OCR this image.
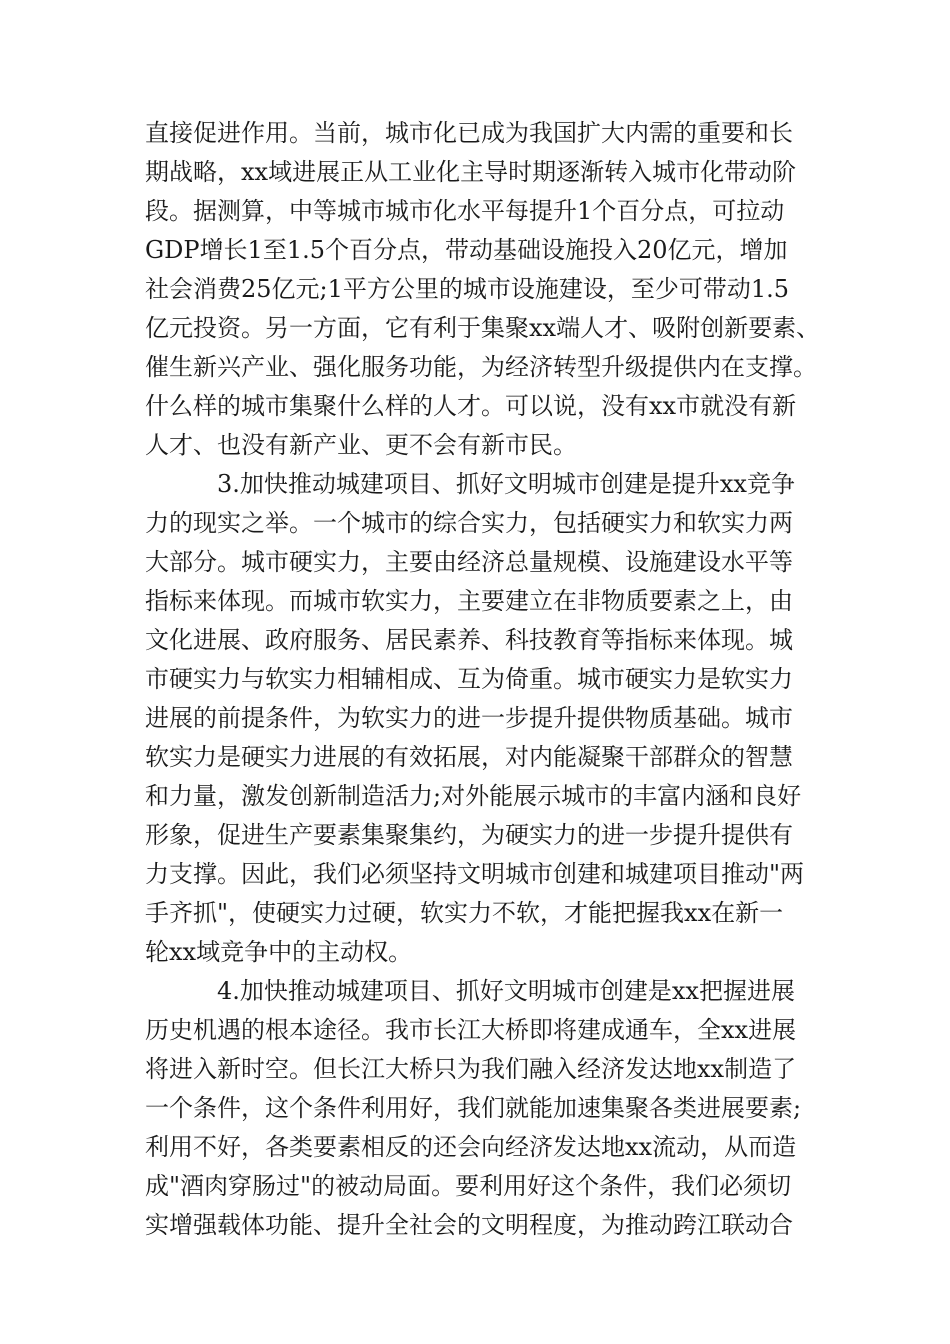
直接促进作用。当前，城市化已成为我国扩大内需的重要和长
期战略，xx域进展正从工业化主导时期逐渐转入城市化带动阶
段。据测算，中等城市城市化水平每提升1个百分点，可拉动
GDP增长1至1.5个百分点，带动基础设施投入20亿元，增加
社会消费25亿元;1平方公里的城市设施建设，至少可带动1.5
亿元投资。另一方面，它有利于集聚xx端人才、吸附创新要素、
催生新兴产业、强化服务功能，为经济转型升级提供内在支撑。
什么样的城市集聚什么样的人才。可以说，没有xx市就没有新
人才、也没有新产业、更不会有新市民。
3.加快推动城建项目、抓好文明城市创建是提升xx竞争
力的现实之举。一个城市的综合实力，包括硬实力和软实力两
大部分。城市硬实力，主要由经济总量规模、设施建设水平等
指标来体现。而城市软实力，主要建立在非物质要素之上，由
文化进展、政府服务、居民素养、科技教育等指标来体现。城
市硬实力与软实力相辅相成、互为倚重。城市硬实力是软实力
进展的前提条件，为软实力的进一步提升提供物质基础。城市
软实力是硬实力进展的有效拓展，对内能凝聚干部群众的智慧
和力量，激发创新制造活力;对外能展示城市的丰富内涵和良好
形象，促进生产要素集聚集约，为硬实力的进一步提升提供有
力支撑。因此，我们必须坚持文明城市创建和城建项目推动"两
手齐抓"，使硬实力过硬，软实力不软，才能把握我xx在新一
轮xx域竞争中的主动权。
4.加快推动城建项目、抓好文明城市创建是xx把握进展
历史机遇的根本途径。我市长江大桥即将建成通车，全xx进展
将进入新时空。但长江大桥只为我们融入经济发达地xx制造了
一个条件，这个条件利用好，我们就能加速集聚各类进展要素;
利用不好，各类要素相反的还会向经济发达地xx流动，从而造
成"酒肉穿肠过"的被动局面。要利用好这个条件，我们必须切
实增强载体功能、提升全社会的文明程度，为推动跨江联动合
